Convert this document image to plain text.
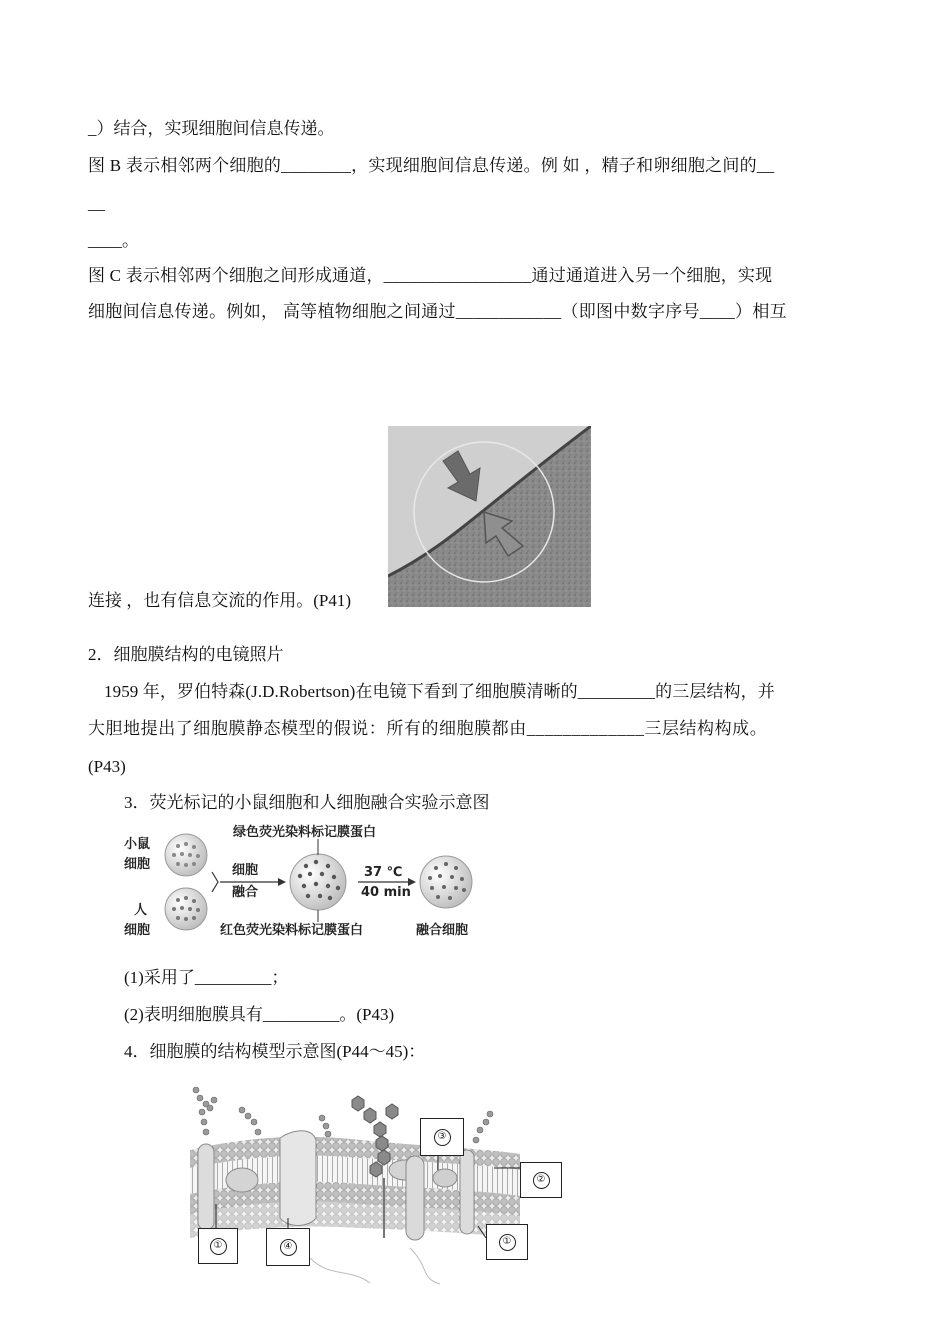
_）结合，实现细胞间信息传递。
图 B 表示相邻两个细胞的________，实现细胞间信息传递。例 如 ，精子和卵细胞之间的__
__
____。
图 C 表示相邻两个细胞之间形成通道，_________________通过通道进入另一个细胞，实现
细胞间信息传递。例如， 高等植物细胞之间通过____________（即图中数字序号____）相互
连接 ，也有信息交流的作用。(P41)
2．细胞膜结构的电镜照片
1959 年，罗伯特森(J.D.Robertson)在电镜下看到了细胞膜清晰的_________的三层结构，并
大胆地提出了细胞膜静态模型的假说：所有的细胞膜都由_____________三层结构构成。
(P43)
3．荧光标记的小鼠细胞和人细胞融合实验示意图
小鼠
细胞
人
细胞
细胞
融合
绿色荧光染料标记膜蛋白
红色荧光染料标记膜蛋白
37 ℃
40 min
融合细胞
(1)采用了_________；
(2)表明细胞膜具有_________。(P43)
4．细胞膜的结构模型示意图(P44～45)：
①	④
③
②
①
